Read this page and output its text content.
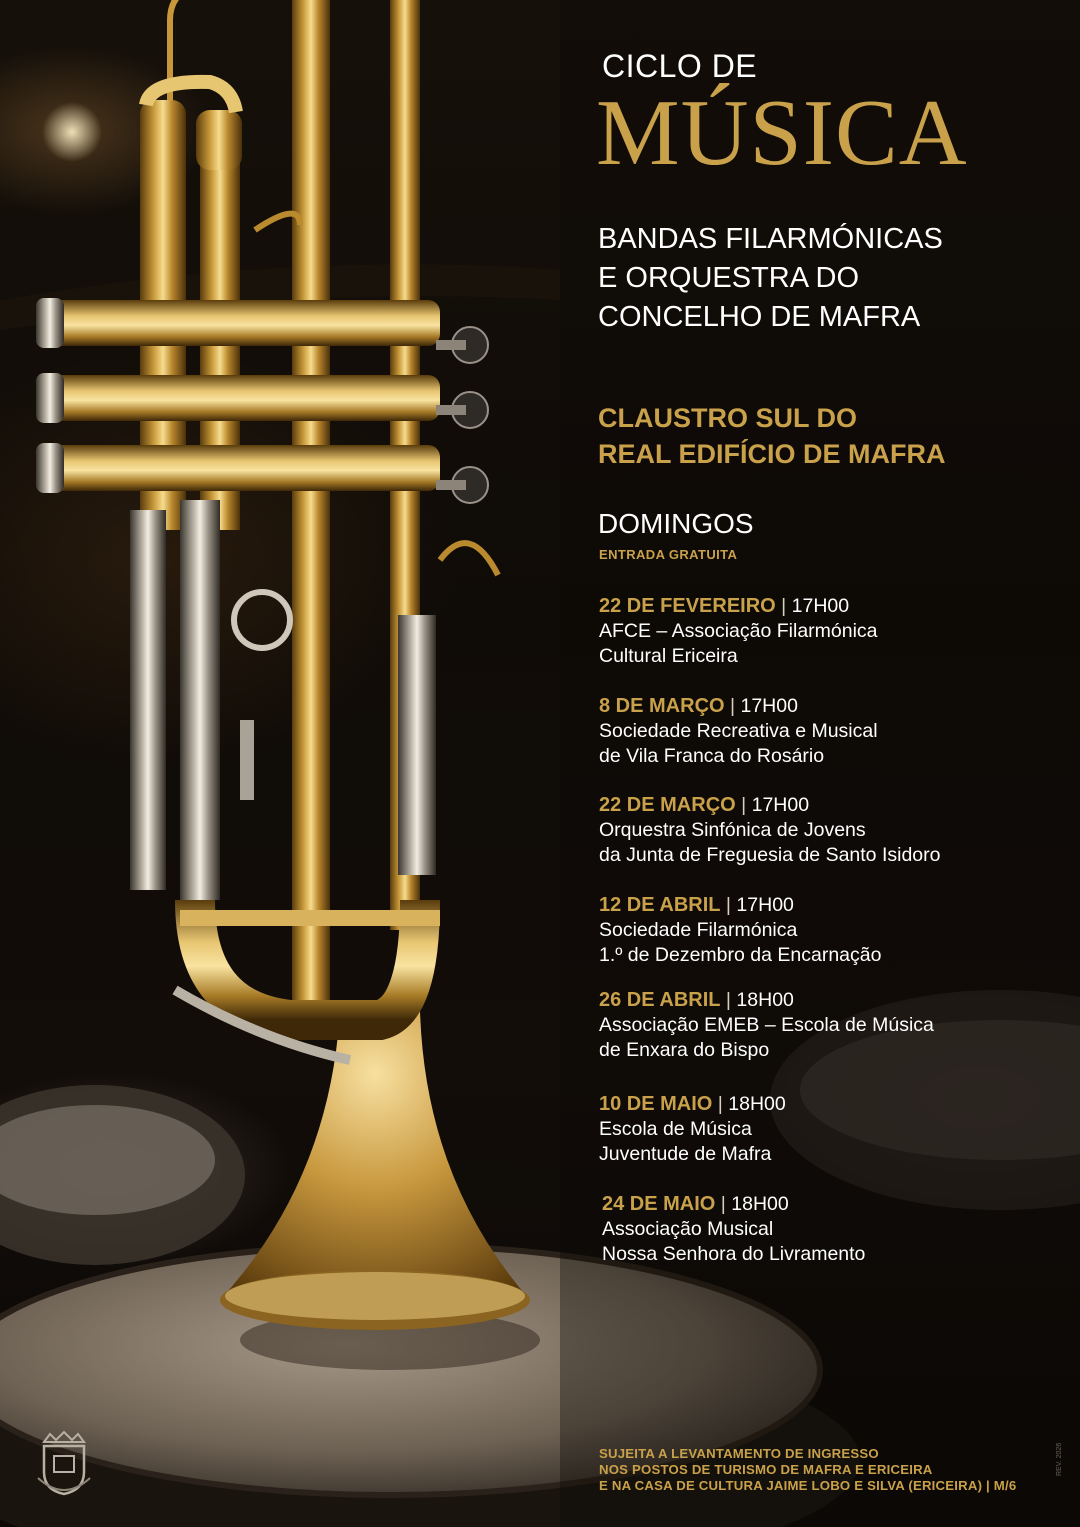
CICLO DE
MÚSICA
BANDAS FILARMÓNICAS
E ORQUESTRA DO
CONCELHO DE MAFRA
CLAUSTRO SUL DO
REAL EDIFÍCIO DE MAFRA
DOMINGOS
ENTRADA GRATUITA
22 DE FEVEREIRO | 17H00
AFCE – Associação Filarmónica
Cultural Ericeira
8 DE MARÇO | 17H00
Sociedade Recreativa e Musical
de Vila Franca do Rosário
22 DE MARÇO | 17H00
Orquestra Sinfónica de Jovens
da Junta de Freguesia de Santo Isidoro
12 DE ABRIL | 17H00
Sociedade Filarmónica
1.º de Dezembro da Encarnação
26 DE ABRIL | 18H00
Associação EMEB – Escola de Música
de Enxara do Bispo
10 DE MAIO | 18H00
Escola de Música
Juventude de Mafra
24 DE MAIO | 18H00
Associação Musical
Nossa Senhora do Livramento
SUJEITA A LEVANTAMENTO DE INGRESSO
NOS POSTOS DE TURISMO DE MAFRA E ERICEIRA
E NA CASA DE CULTURA JAIME LOBO E SILVA (ERICEIRA) | M/6
REV. 2026
